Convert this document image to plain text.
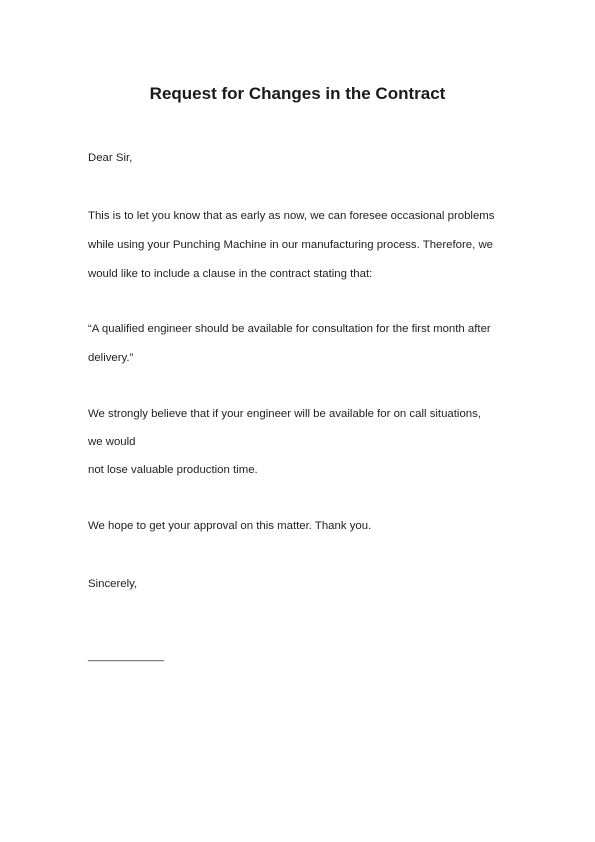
Request for Changes in the Contract

Dear Sir,

This is to let you know that as early as now, we can foresee occasional problems

while using your Punching Machine in our manufacturing process. Therefore, we

would like to include a clause in the contract stating that:

“A qualified engineer should be available for consultation for the first month after

delivery.”

We strongly believe that if your engineer will be available for on call situations,

we would

not lose valuable production time.

We hope to get your approval on this matter. Thank you.

Sincerely,

____________
